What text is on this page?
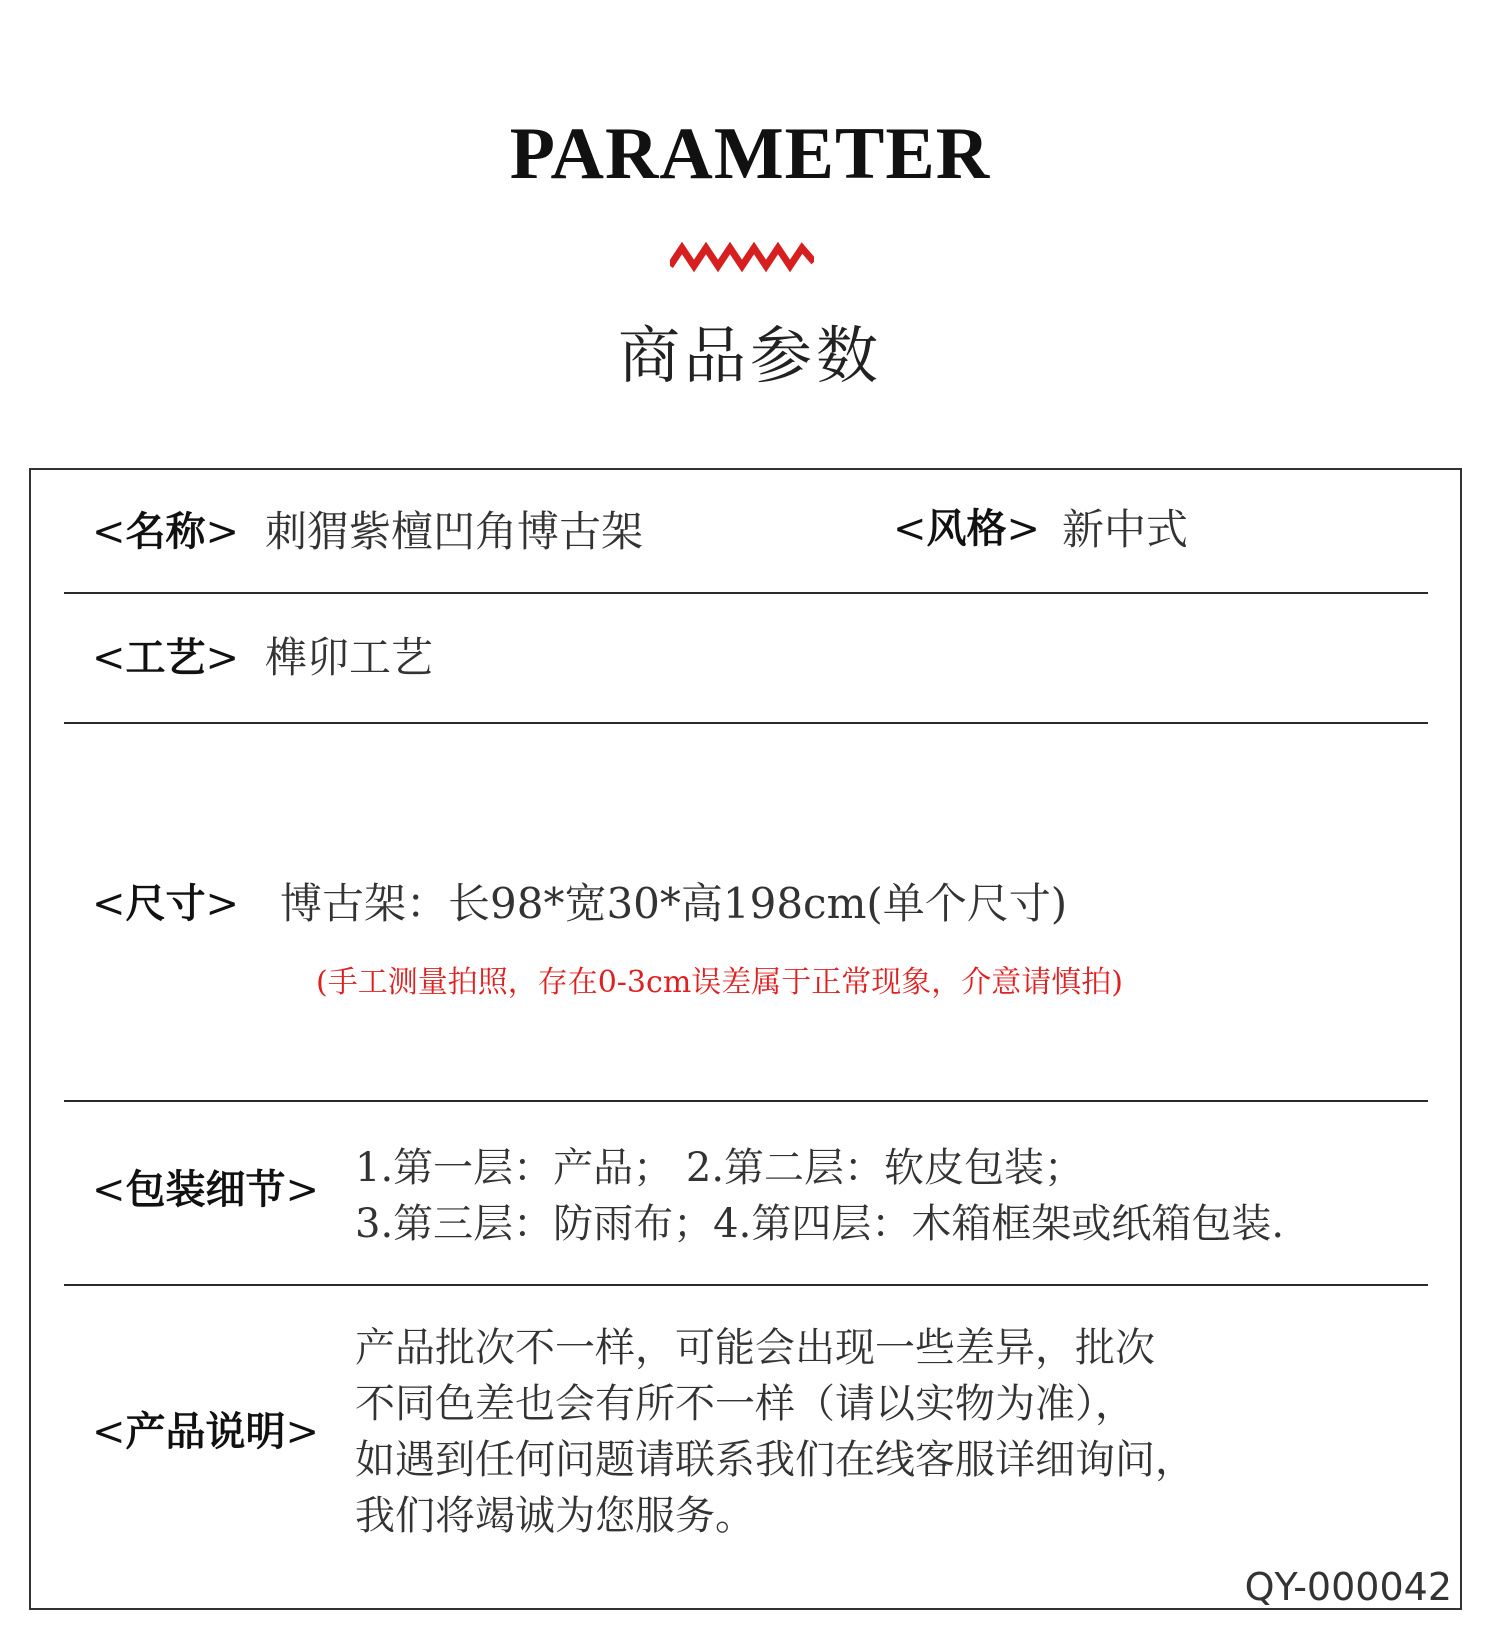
PARAMETER
商品参数
<名称> 刺猬紫檀凹角博古架	<风格> 新中式
<工艺> 榫卯工艺
<尺寸> 博古架：长98*宽30*高198cm(单个尺寸)
(手工测量拍照，存在0-3cm误差属于正常现象，介意请慎拍)
<包装细节> 1.第一层：产品； 2.第二层：软皮包装；
3.第三层：防雨布；4.第四层：木箱框架或纸箱包装.
<产品说明>
产品批次不一样，可能会出现一些差异，批次
不同色差也会有所不一样（请以实物为准），
如遇到任何问题请联系我们在线客服详细询问，
我们将竭诚为您服务。
QY-000042
